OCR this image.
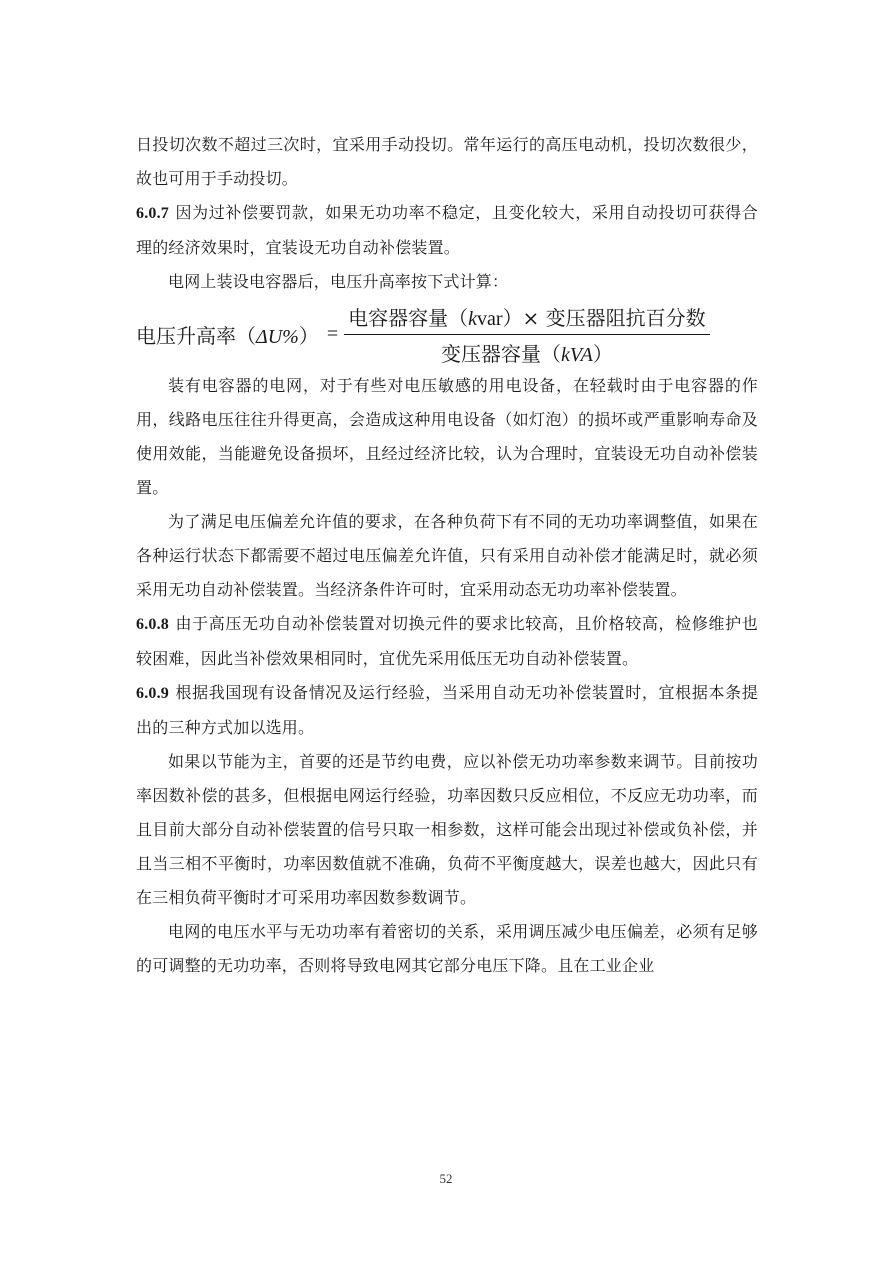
日投切次数不超过三次时，宜采用手动投切。常年运行的高压电动机，投切次数很少，故也可用于手动投切。

6.0.7 因为过补偿要罚款，如果无功功率不稳定，且变化较大，采用自动投切可获得合理的经济效果时，宜装设无功自动补偿装置。

电网上装设电容器后，电压升高率按下式计算：

电压升高率$(\Delta U\%) = \frac{\text{电容器容量（kvar）× 变压器阻抗百分数}}{\text{变压器容量（kVA）}}$

装有电容器的电网，对于有些对电压敏感的用电设备，在轻载时由于电容器的作用，线路电压往往升得更高，会造成这种用电设备（如灯泡）的损坏或严重影响寿命及使用效能，当能避免设备损坏，且经过经济比较，认为合理时，宜装设无功自动补偿装置。

为了满足电压偏差允许值的要求，在各种负荷下有不同的无功功率调整值，如果在各种运行状态下都需要不超过电压偏差允许值，只有采用自动补偿才能满足时，就必须采用无功自动补偿装置。当经济条件许可时，宜采用动态无功功率补偿装置。

6.0.8 由于高压无功自动补偿装置对切换元件的要求比较高，且价格较高，检修维护也较困难，因此当补偿效果相同时，宜优先采用低压无功自动补偿装置。

6.0.9 根据我国现有设备情况及运行经验，当采用自动无功补偿装置时，宜根据本条提出的三种方式加以选用。

如果以节能为主，首要的还是节约电费，应以补偿无功功率参数来调节。目前按功率因数补偿的甚多，但根据电网运行经验，功率因数只反应相位，不反应无功功率，而且目前大部分自动补偿装置的信号只取一相参数，这样可能会出现过补偿或负补偿，并且当三相不平衡时，功率因数值就不准确，负荷不平衡度越大，误差也越大，因此只有在三相负荷平衡时才可采用功率因数参数调节。

电网的电压水平与无功功率有着密切的关系，采用调压减少电压偏差，必须有足够的可调整的无功功率，否则将导致电网其它部分电压下降。且在工业企业

52
